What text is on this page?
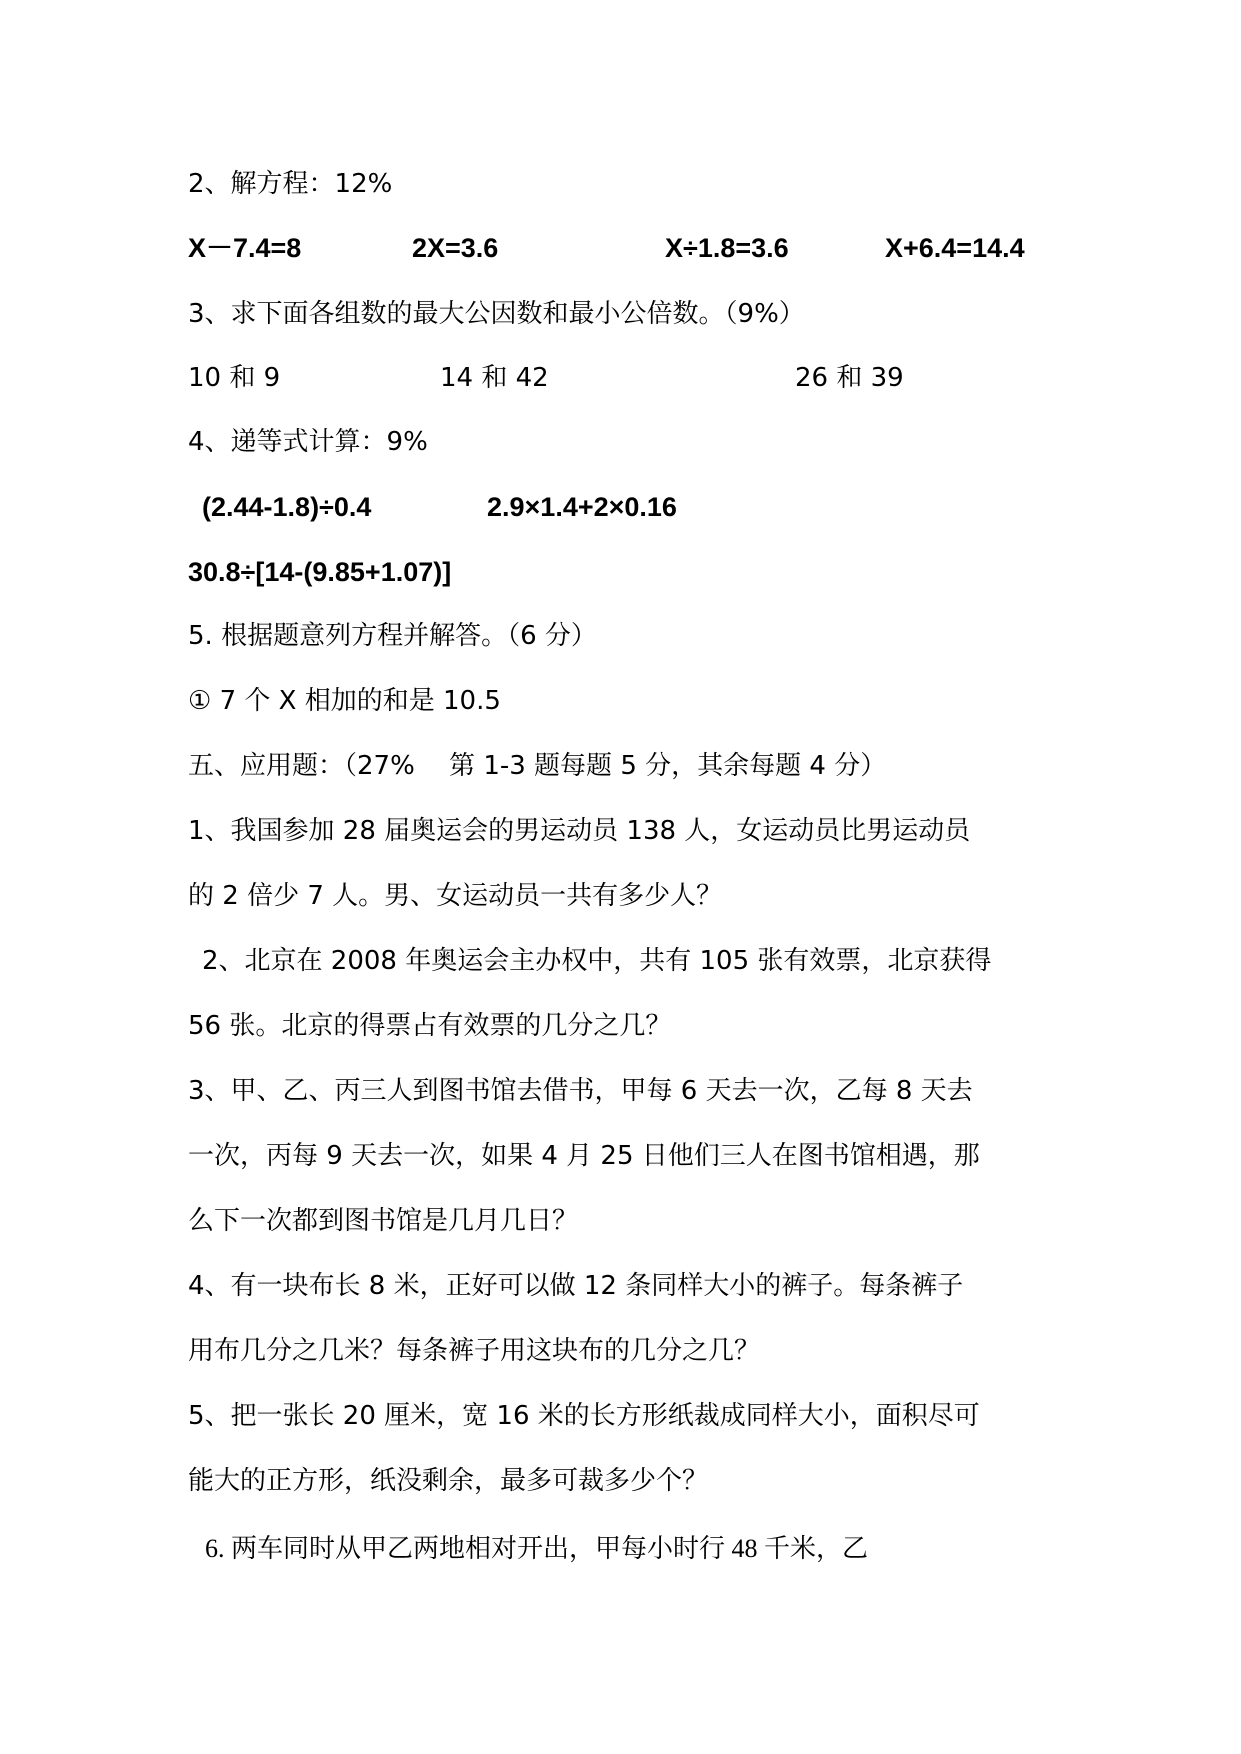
2、解方程：12%
X－7.4=8	2X=3.6	X÷1.8=3.6	X+6.4=14.4
3、求下面各组数的最大公因数和最小公倍数。（9%）
10 和 9	14 和 42	26 和 39
4、递等式计算：9%
(2.44-1.8)÷0.4	2.9×1.4+2×0.16
30.8÷[14-(9.85+1.07)]
5. 根据题意列方程并解答。（6 分）
① 7 个 X 相加的和是 10.5
五、应用题：（27%　 第 1-3 题每题 5 分，其余每题 4 分）
1、我国参加 28 届奥运会的男运动员 138 人，女运动员比男运动员
的 2 倍少 7 人。男、女运动员一共有多少人？
2、北京在 2008 年奥运会主办权中，共有 105 张有效票，北京获得
56 张。北京的得票占有效票的几分之几？
3、甲、乙、丙三人到图书馆去借书，甲每 6 天去一次，乙每 8 天去
一次，丙每 9 天去一次，如果 4 月 25 日他们三人在图书馆相遇，那
么下一次都到图书馆是几月几日？
4、有一块布长 8 米，正好可以做 12 条同样大小的裤子。每条裤子
用布几分之几米？每条裤子用这块布的几分之几？
5、把一张长 20 厘米，宽 16 米的长方形纸裁成同样大小，面积尽可
能大的正方形，纸没剩余，最多可裁多少个？
6. 两车同时从甲乙两地相对开出，甲每小时行 48 千米，乙
